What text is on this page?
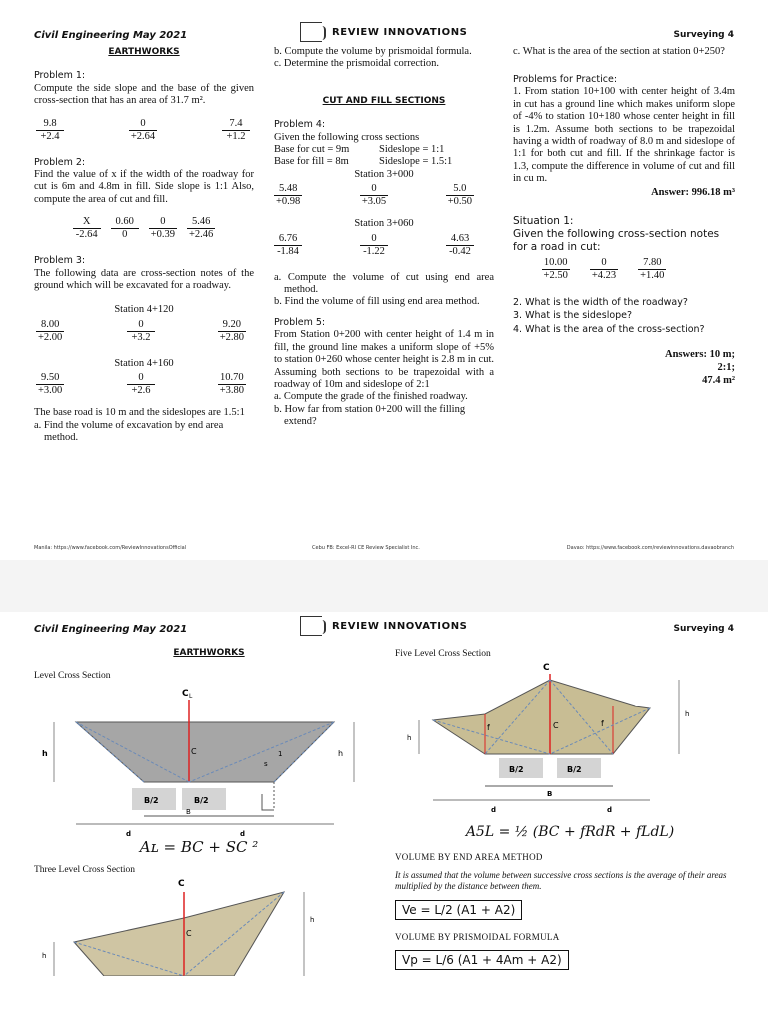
Civil Engineering May 2021	REVIEW INNOVATIONS	Surveying 4
EARTHWORKS
Problem 1:
Compute the side slope and the base of the given cross-section that has an area of 31.7 m².
$\frac{9.8}{+2.4}$	$\frac{0}{+2.64}$	$\frac{7.4}{+1.2}$
Problem 2:
Find the value of x if the width of the roadway for cut is 6m and 4.8m in fill. Side slope is 1:1 Also, compute the area of cut and fill.
$\frac{X}{-2.64} \frac{0.60}{0} \frac{0}{+0.39} \frac{5.46}{+2.46}$
Problem 3:
The following data are cross-section notes of the ground which will be excavated for a roadway.
Station 4+120
$\frac{8.00}{+2.00}$	$\frac{0}{+3.2}$	$\frac{9.20}{+2.80}$
Station 4+160
$\frac{9.50}{+3.00}$	$\frac{0}{+2.6}$	$\frac{10.70}{+3.80}$
The base road is 10 m and the sideslopes are 1.5:1
a. Find the volume of excavation by end area method.
b. Compute the volume by prismoidal formula.
c. Determine the prismoidal correction.
CUT AND FILL SECTIONS
Problem 4:
Given the following cross sections
Base for cut = 9m	Sideslope = 1:1
Base for fill = 8m	Sideslope = 1.5:1
Station 3+000
$\frac{5.48}{+0.98}$	$\frac{0}{+3.05}$	$\frac{5.0}{+0.50}$
Station 3+060
$\frac{6.76}{-1.84}$	$\frac{0}{-1.22}$	$\frac{4.63}{-0.42}$
a. Compute the volume of cut using end area method.
b. Find the volume of fill using end area method.
Problem 5:
From Station 0+200 with center height of 1.4 m in fill, the ground line makes a uniform slope of +5% to station 0+260 whose center height is 2.8 m in cut. Assuming both sections to be trapezoidal with a roadway of 10m and sideslope of 2:1
a. Compute the grade of the finished roadway.
b. How far from station 0+200 will the filling extend?
c. What is the area of the section at station 0+250?
Problems for Practice:
1. From station 10+100 with center height of 3.4m in cut has a ground line which makes uniform slope of -4% to station 10+180 whose center height in fill is 1.2m. Assume both sections to be trapezoidal having a width of roadway of 8.0 m and sideslope of 1:1 for both cut and fill. If the shrinkage factor is 1.3, compute the difference in volume of cut and fill in cu m.
Answer: 996.18 m³
Situation 1:
Given the following cross-section notes for a road in cut:
$\frac{10.00}{+2.50} \frac{0}{+4.23} \frac{7.80}{+1.40}$
2. What is the width of the roadway?
3. What is the sideslope?
4. What is the area of the cross-section?
Answers: 10 m;
2:1;
47.4 m²
Manila: https://www.facebook.com/ReviewInnovationsOfficial	Cebu FB: Excel-RI CE Review Specialist Inc.	Davao: https://www.facebook.com/reviewinnovations.davaobranch
Civil Engineering May 2021	REVIEW INNOVATIONS	Surveying 4
EARTHWORKS
Level Cross Section
C L
C
h	h
1
s
B/2	B/2
B
d	d
Aʟ = BC + SC ²
Three Level Cross Section
C
C
h
h
Five Level Cross Section
C
C
f	f
h
h
B/2	B/2
B
d	d
A5L = ½ (BC + fRdR + fLdL)
VOLUME BY END AREA METHOD
It is assumed that the volume between successive cross sections is the average of their areas multiplied by the distance between them.
Ve = L/2 (A1 + A2)
VOLUME BY PRISMOIDAL FORMULA
Vp = L/6 (A1 + 4Am + A2)
